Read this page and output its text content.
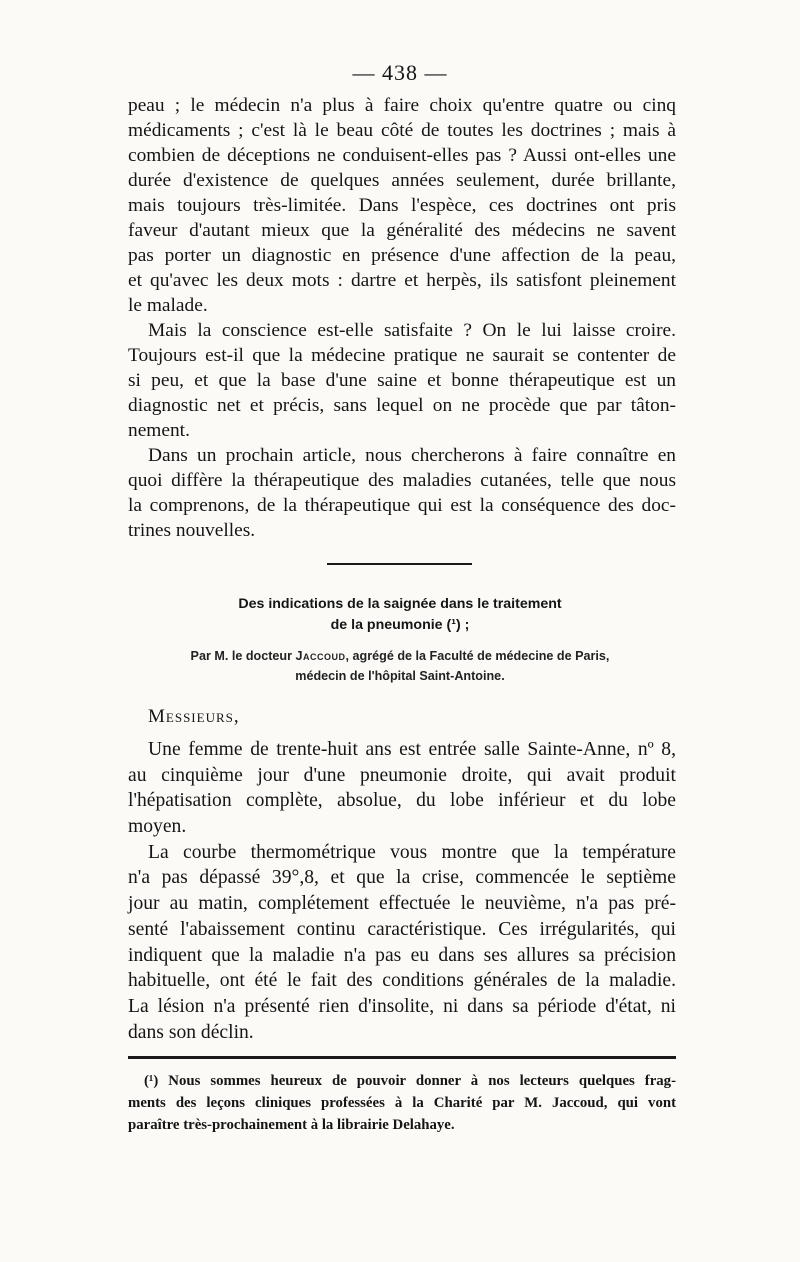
— 438 —
peau ; le médecin n'a plus à faire choix qu'entre quatre ou cinq
médicaments ; c'est là le beau côté de toutes les doctrines ; mais à
combien de déceptions ne conduisent-elles pas ? Aussi ont-elles une
durée d'existence de quelques années seulement, durée brillante,
mais toujours très-limitée. Dans l'espèce, ces doctrines ont pris
faveur d'autant mieux que la généralité des médecins ne savent
pas porter un diagnostic en présence d'une affection de la peau,
et qu'avec les deux mots : dartre et herpès, ils satisfont pleinement
le malade.
Mais la conscience est-elle satisfaite ? On le lui laisse croire.
Toujours est-il que la médecine pratique ne saurait se contenter de
si peu, et que la base d'une saine et bonne thérapeutique est un
diagnostic net et précis, sans lequel on ne procède que par tâton-
nement.
Dans un prochain article, nous chercherons à faire connaître en
quoi diffère la thérapeutique des maladies cutanées, telle que nous
la comprenons, de la thérapeutique qui est la conséquence des doc-
trines nouvelles.
Des indications de la saignée dans le traitement
de la pneumonie (¹) ;
Par M. le docteur Jaccoud, agrégé de la Faculté de médecine de Paris,
médecin de l'hôpital Saint-Antoine.
Messieurs,
Une femme de trente-huit ans est entrée salle Sainte-Anne, nº 8,
au cinquième jour d'une pneumonie droite, qui avait produit
l'hépatisation complète, absolue, du lobe inférieur et du lobe
moyen.
La courbe thermométrique vous montre que la température
n'a pas dépassé 39°,8, et que la crise, commencée le septième
jour au matin, complétement effectuée le neuvième, n'a pas pré-
senté l'abaissement continu caractéristique. Ces irrégularités, qui
indiquent que la maladie n'a pas eu dans ses allures sa précision
habituelle, ont été le fait des conditions générales de la maladie.
La lésion n'a présenté rien d'insolite, ni dans sa période d'état, ni
dans son déclin.
(¹) Nous sommes heureux de pouvoir donner à nos lecteurs quelques frag-
ments des leçons cliniques professées à la Charité par M. Jaccoud, qui vont
paraître très-prochainement à la librairie Delahaye.
